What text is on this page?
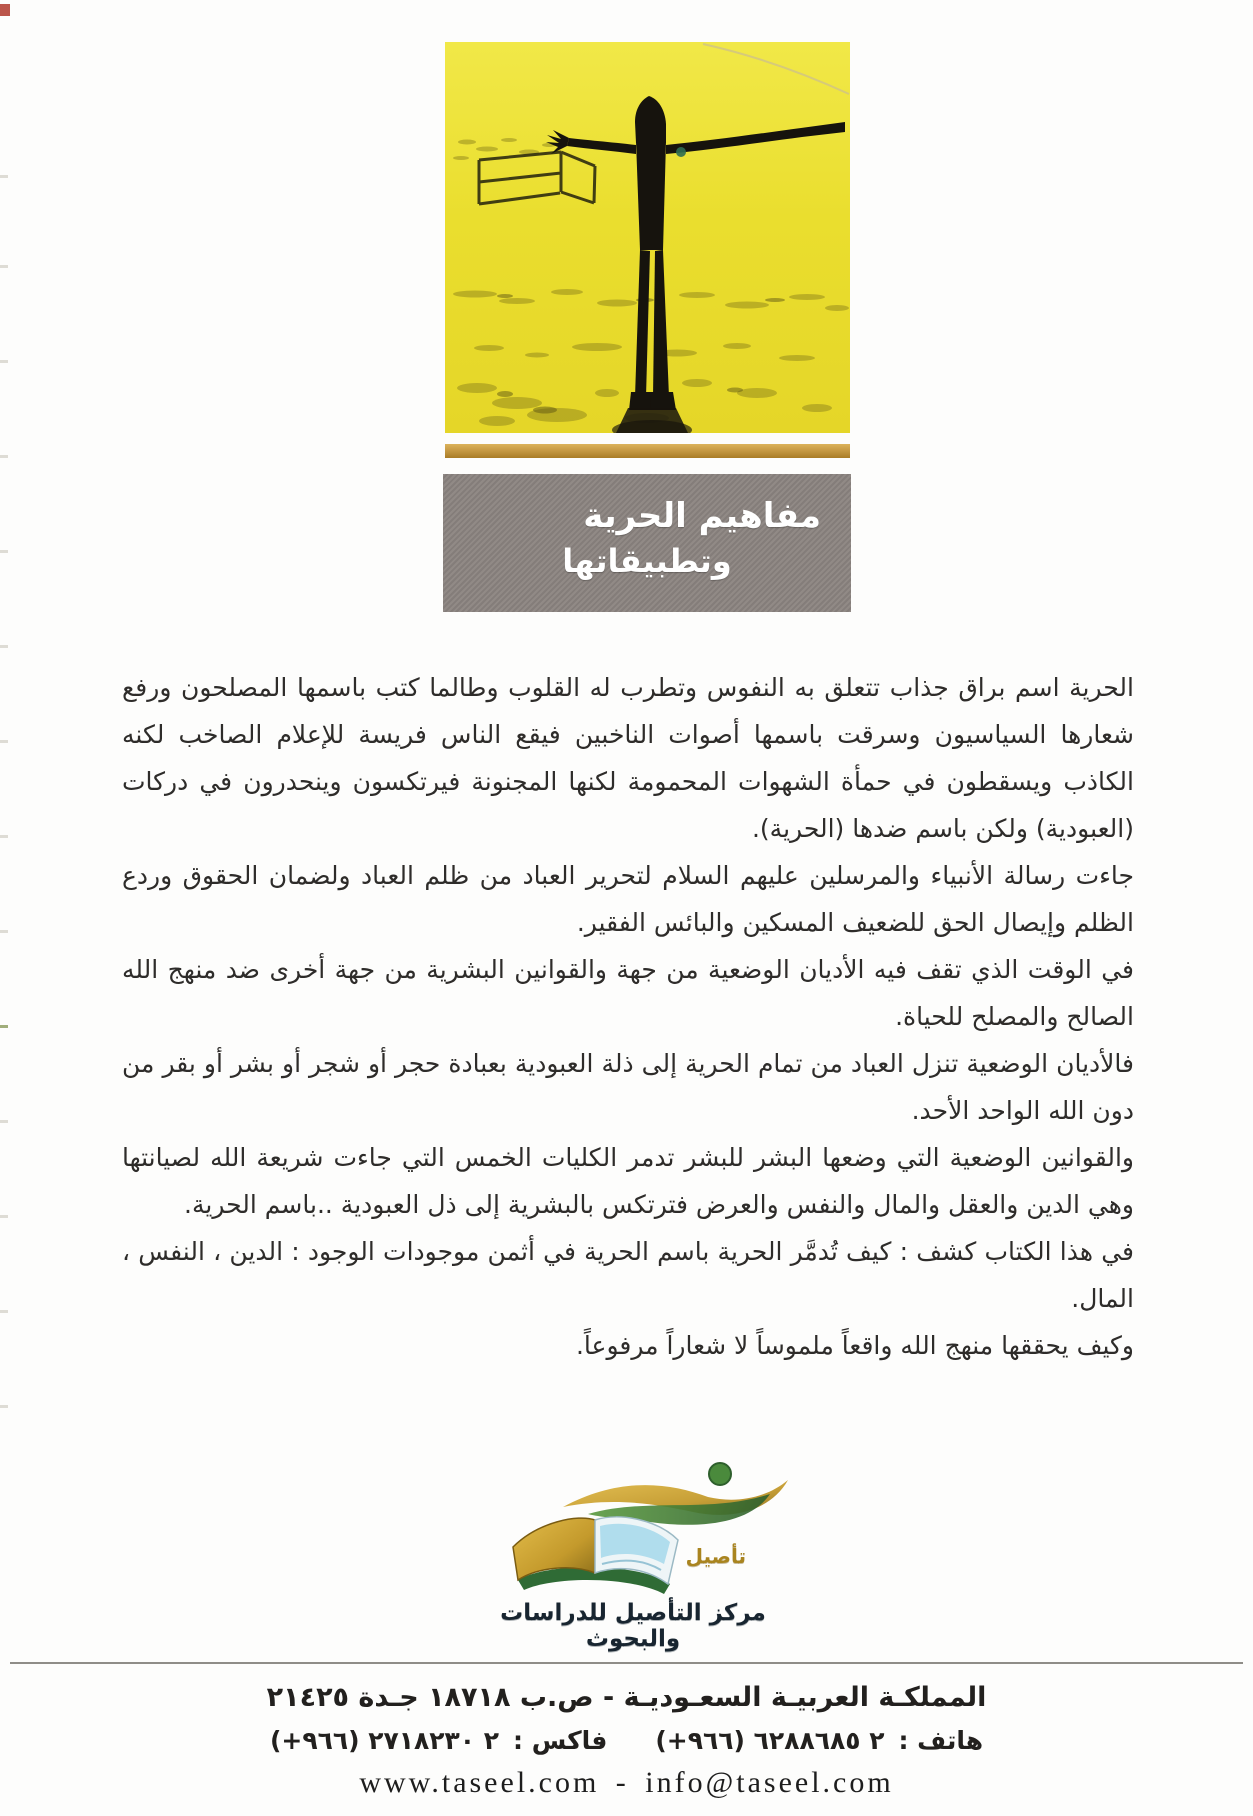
مفاهيم الحرية
وتطبيقاتها

الحرية اسم براق جذاب تتعلق به النفوس وتطرب له القلوب وطالما كتب باسمها المصلحون ورفع شعارها السياسيون وسرقت باسمها أصوات الناخبين فيقع الناس فريسة للإعلام الصاخب لكنه الكاذب ويسقطون في حمأة الشهوات المحمومة لكنها المجنونة فيرتكسون وينحدرون في دركات (العبودية) ولكن باسم ضدها (الحرية).

جاءت رسالة الأنبياء والمرسلين عليهم السلام لتحرير العباد من ظلم العباد ولضمان الحقوق وردع الظلم وإيصال الحق للضعيف المسكين والبائس الفقير.

في الوقت الذي تقف فيه الأديان الوضعية من جهة والقوانين البشرية من جهة أخرى ضد منهج الله الصالح والمصلح للحياة.

فالأديان الوضعية تنزل العباد من تمام الحرية إلى ذلة العبودية بعبادة حجر أو شجر أو بشر أو بقر من دون الله الواحد الأحد.

والقوانين الوضعية التي وضعها البشر للبشر تدمر الكليات الخمس التي جاءت شريعة الله لصيانتها وهي الدين والعقل والمال والنفس والعرض فترتكس بالبشرية إلى ذل العبودية ..باسم الحرية.

في هذا الكتاب كشف : كيف تُدمَّر الحرية باسم الحرية في أثمن موجودات الوجود : الدين ، النفس ، المال.

وكيف يحققها منهج الله واقعاً ملموساً لا شعاراً مرفوعاً.

تأصيل
مركز التأصيل للدراسات والبحوث
المملكـة العربيـة السعـوديـة - ص.ب ١٨٧١٨ جـدة ٢١٤٢٥
هاتف :
(+٩٦٦) ٢ ٦٢٨٨٦٨٥
فاكس :
(+٩٦٦) ٢ ٢٧١٨٢٣٠
www.taseel.com - info@taseel.com
